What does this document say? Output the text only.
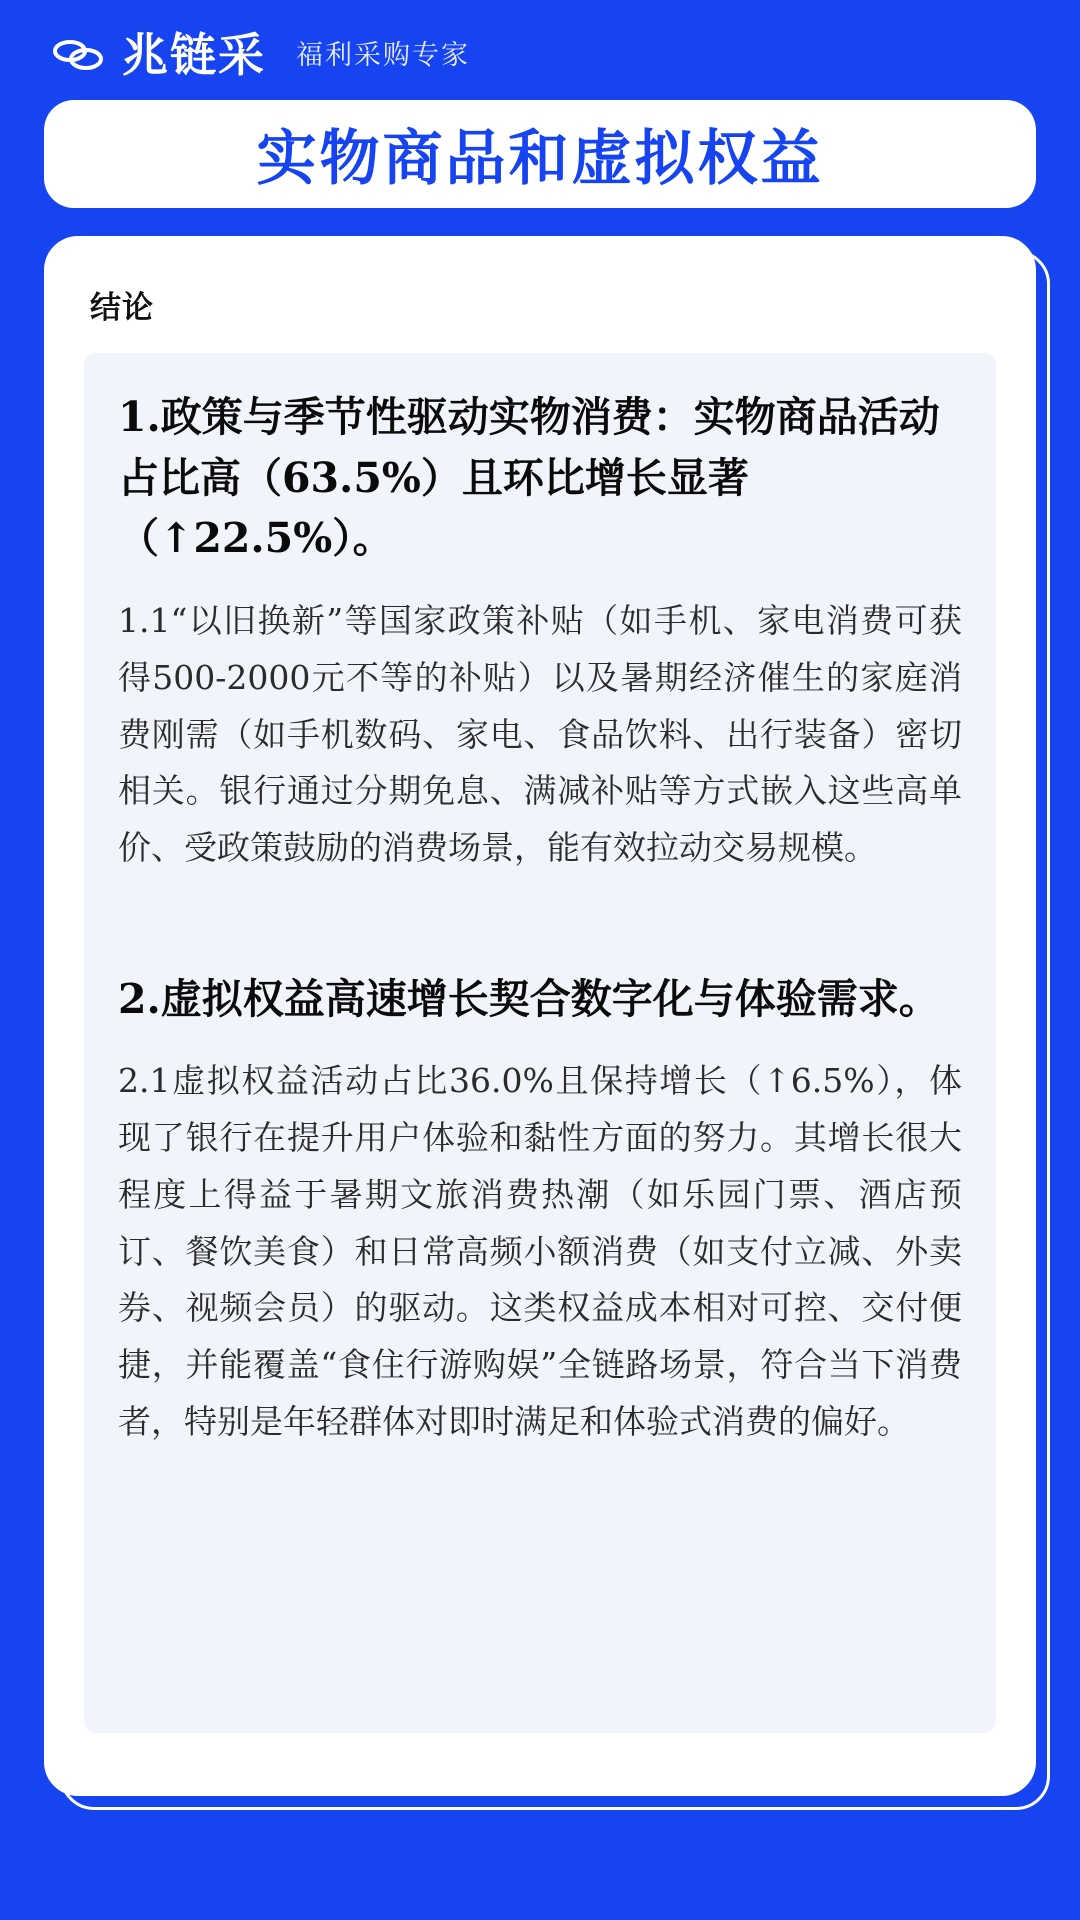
兆链采 福利采购专家
实物商品和虚拟权益
结论

1.政策与季节性驱动实物消费：实物商品活动占比高（63.5%）且环比增长显著（↑22.5%）。

1.1“以旧换新”等国家政策补贴（如手机、家电消费可获得500-2000元不等的补贴）以及暑期经济催生的家庭消费刚需（如手机数码、家电、食品饮料、出行装备）密切相关。银行通过分期免息、满减补贴等方式嵌入这些高单价、受政策鼓励的消费场景，能有效拉动交易规模。

2.虚拟权益高速增长契合数字化与体验需求。

2.1虚拟权益活动占比36.0%且保持增长（↑6.5%），体现了银行在提升用户体验和黏性方面的努力。其增长很大程度上得益于暑期文旅消费热潮（如乐园门票、酒店预订、餐饮美食）和日常高频小额消费（如支付立减、外卖券、视频会员）的驱动。这类权益成本相对可控、交付便捷，并能覆盖“食住行游购娱”全链路场景，符合当下消费者，特别是年轻群体对即时满足和体验式消费的偏好。
